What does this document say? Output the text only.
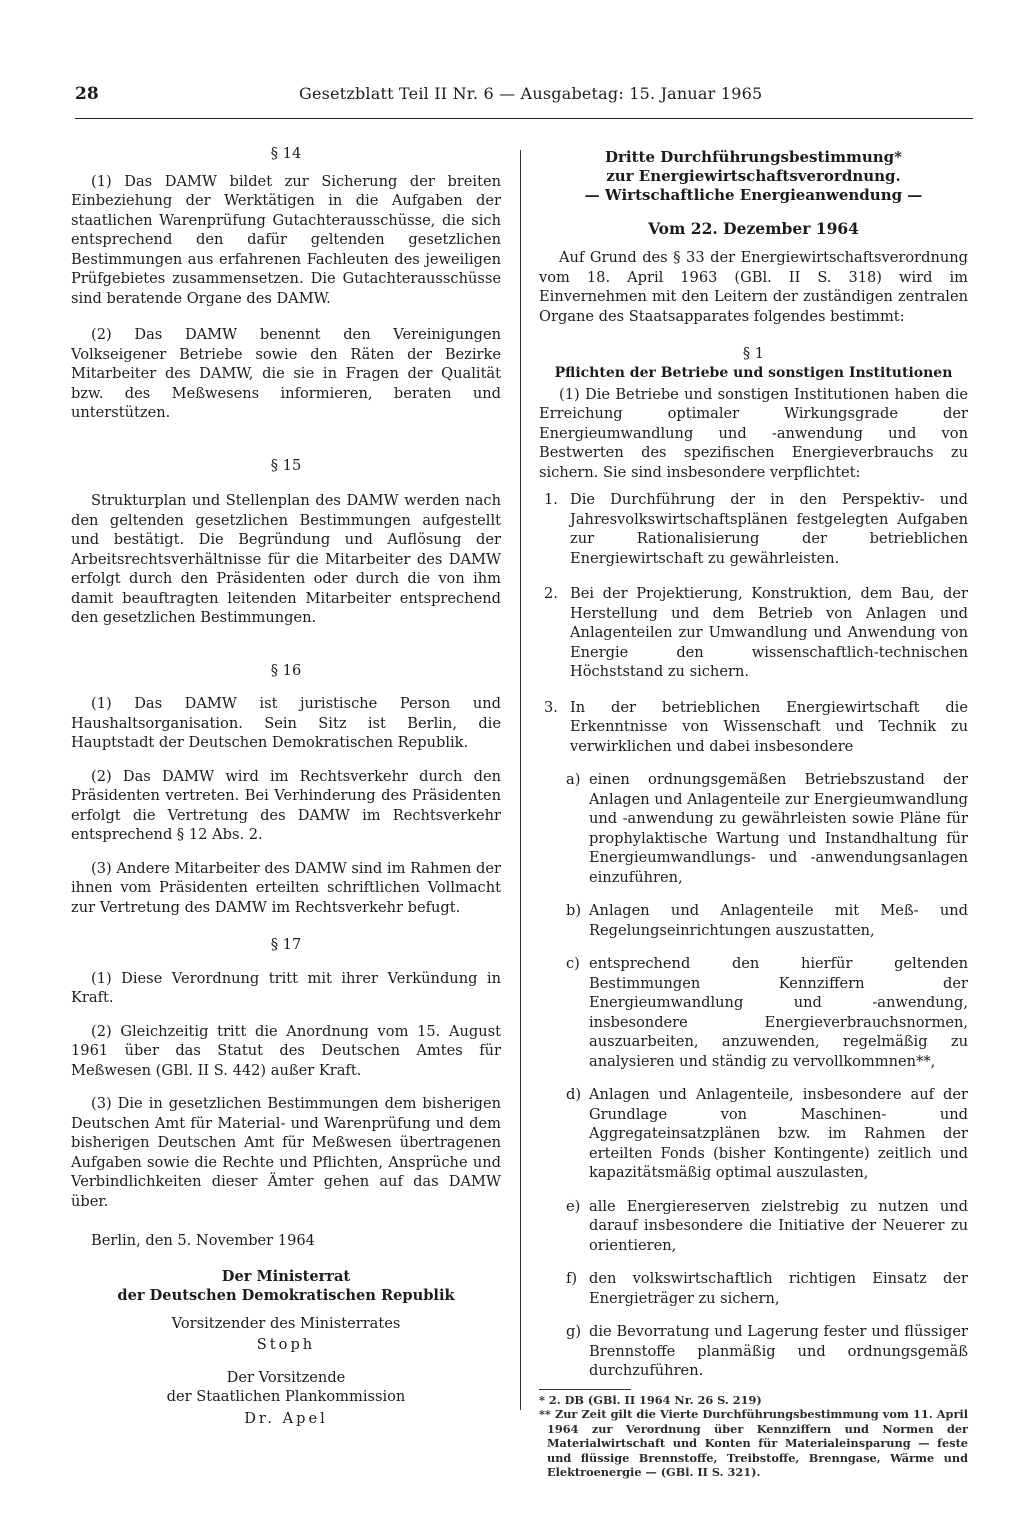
28	Gesetzblatt Teil II Nr. 6 — Ausgabetag: 15. Januar 1965

§ 14

(1) Das DAMW bildet zur Sicherung der breiten Einbeziehung der Werktätigen in die Aufgaben der staatlichen Warenprüfung Gutachterausschüsse, die sich entsprechend den dafür geltenden gesetzlichen Bestimmungen aus erfahrenen Fachleuten des jeweiligen Prüfgebietes zusammensetzen. Die Gutachterausschüsse sind beratende Organe des DAMW.

(2) Das DAMW benennt den Vereinigungen Volkseigener Betriebe sowie den Räten der Bezirke Mitarbeiter des DAMW, die sie in Fragen der Qualität bzw. des Meßwesens informieren, beraten und unterstützen.

§ 15

Strukturplan und Stellenplan des DAMW werden nach den geltenden gesetzlichen Bestimmungen aufgestellt und bestätigt. Die Begründung und Auflösung der Arbeitsrechtsverhältnisse für die Mitarbeiter des DAMW erfolgt durch den Präsidenten oder durch die von ihm damit beauftragten leitenden Mitarbeiter entsprechend den gesetzlichen Bestimmungen.

§ 16

(1) Das DAMW ist juristische Person und Haushaltsorganisation. Sein Sitz ist Berlin, die Hauptstadt der Deutschen Demokratischen Republik.

(2) Das DAMW wird im Rechtsverkehr durch den Präsidenten vertreten. Bei Verhinderung des Präsidenten erfolgt die Vertretung des DAMW im Rechtsverkehr entsprechend § 12 Abs. 2.

(3) Andere Mitarbeiter des DAMW sind im Rahmen der ihnen vom Präsidenten erteilten schriftlichen Vollmacht zur Vertretung des DAMW im Rechtsverkehr befugt.

§ 17

(1) Diese Verordnung tritt mit ihrer Verkündung in Kraft.

(2) Gleichzeitig tritt die Anordnung vom 15. August 1961 über das Statut des Deutschen Amtes für Meßwesen (GBl. II S. 442) außer Kraft.

(3) Die in gesetzlichen Bestimmungen dem bisherigen Deutschen Amt für Material- und Warenprüfung und dem bisherigen Deutschen Amt für Meßwesen übertragenen Aufgaben sowie die Rechte und Pflichten, Ansprüche und Verbindlichkeiten dieser Ämter gehen auf das DAMW über.

Berlin, den 5. November 1964

Der Ministerrat

der Deutschen Demokratischen Republik

Vorsitzender des Ministerrates

Stoph

Der Vorsitzende

der Staatlichen Plankommission

Dr. Apel

Dritte Durchführungsbestimmung*

zur Energiewirtschaftsverordnung.

— Wirtschaftliche Energieanwendung —

Vom 22. Dezember 1964

Auf Grund des § 33 der Energiewirtschaftsverordnung vom 18. April 1963 (GBl. II S. 318) wird im Einvernehmen mit den Leitern der zuständigen zentralen Organe des Staatsapparates folgendes bestimmt:

§ 1

Pflichten der Betriebe und sonstigen Institutionen

(1) Die Betriebe und sonstigen Institutionen haben die Erreichung optimaler Wirkungsgrade der Energieumwandlung und -anwendung und von Bestwerten des spezifischen Energieverbrauchs zu sichern. Sie sind insbesondere verpflichtet:

1. Die Durchführung der in den Perspektiv- und Jahresvolkswirtschaftsplänen festgelegten Aufgaben zur Rationalisierung der betrieblichen Energiewirtschaft zu gewährleisten.
2. Bei der Projektierung, Konstruktion, dem Bau, der Herstellung und dem Betrieb von Anlagen und Anlagenteilen zur Umwandlung und Anwendung von Energie den wissenschaftlich-technischen Höchststand zu sichern.
3. In der betrieblichen Energiewirtschaft die Erkenntnisse von Wissenschaft und Technik zu verwirklichen und dabei insbesondere
a) einen ordnungsgemäßen Betriebszustand der Anlagen und Anlagenteile zur Energieumwandlung und -anwendung zu gewährleisten sowie Pläne für prophylaktische Wartung und Instandhaltung für Energieumwandlungs- und -anwendungsanlagen einzuführen,
b) Anlagen und Anlagenteile mit Meß- und Regelungseinrichtungen auszustatten,
c) entsprechend den hierfür geltenden Bestimmungen Kennziffern der Energieumwandlung und -anwendung, insbesondere Energieverbrauchsnormen, auszuarbeiten, anzuwenden, regelmäßig zu analysieren und ständig zu vervollkommnen**,
d) Anlagen und Anlagenteile, insbesondere auf der Grundlage von Maschinen- und Aggregateinsatzplänen bzw. im Rahmen der erteilten Fonds (bisher Kontingente) zeitlich und kapazitätsmäßig optimal auszulasten,
e) alle Energiereserven zielstrebig zu nutzen und darauf insbesondere die Initiative der Neuerer zu orientieren,
f) den volkswirtschaftlich richtigen Einsatz der Energieträger zu sichern,
g) die Bevorratung und Lagerung fester und flüssiger Brennstoffe planmäßig und ordnungsgemäß durchzuführen.

* 2. DB (GBl. II 1964 Nr. 26 S. 219)

** Zur Zeit gilt die Vierte Durchführungsbestimmung vom 11. April 1964 zur Verordnung über Kennziffern und Normen der Materialwirtschaft und Konten für Materialeinsparung — feste und flüssige Brennstoffe, Treibstoffe, Brenngase, Wärme und Elektroenergie — (GBl. II S. 321).
